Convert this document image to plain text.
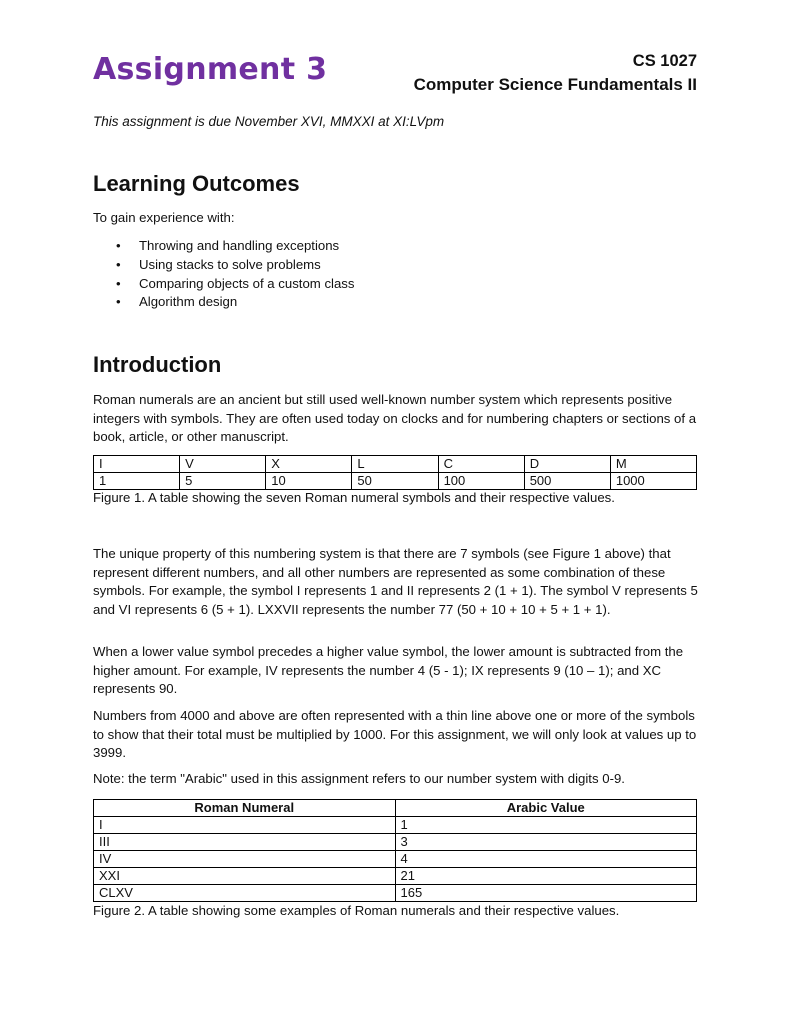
Assignment 3	CS 1027
Computer Science Fundamentals II
This assignment is due November XVI, MMXXI at XI:LVpm
Learning Outcomes
To gain experience with:
• Throwing and handling exceptions
• Using stacks to solve problems
• Comparing objects of a custom class
• Algorithm design
Introduction
Roman numerals are an ancient but still used well-known number system which represents positive integers with symbols. They are often used today on clocks and for numbering chapters or sections of a book, article, or other manuscript.
I	V	X	L	C	D	M
1	5	10	50	100	500	1000
Figure 1. A table showing the seven Roman numeral symbols and their respective values.
The unique property of this numbering system is that there are 7 symbols (see Figure 1 above) that represent different numbers, and all other numbers are represented as some combination of these symbols. For example, the symbol I represents 1 and II represents 2 (1 + 1). The symbol V represents 5 and VI represents 6 (5 + 1). LXXVII represents the number 77 (50 + 10 + 10 + 5 + 1 + 1).
When a lower value symbol precedes a higher value symbol, the lower amount is subtracted from the higher amount. For example, IV represents the number 4 (5 - 1); IX represents 9 (10 – 1); and XC represents 90.
Numbers from 4000 and above are often represented with a thin line above one or more of the symbols to show that their total must be multiplied by 1000. For this assignment, we will only look at values up to 3999.
Note: the term "Arabic" used in this assignment refers to our number system with digits 0-9.
Roman Numeral	Arabic Value
I	1
III	3
IV	4
XXI	21
CLXV	165
Figure 2. A table showing some examples of Roman numerals and their respective values.
